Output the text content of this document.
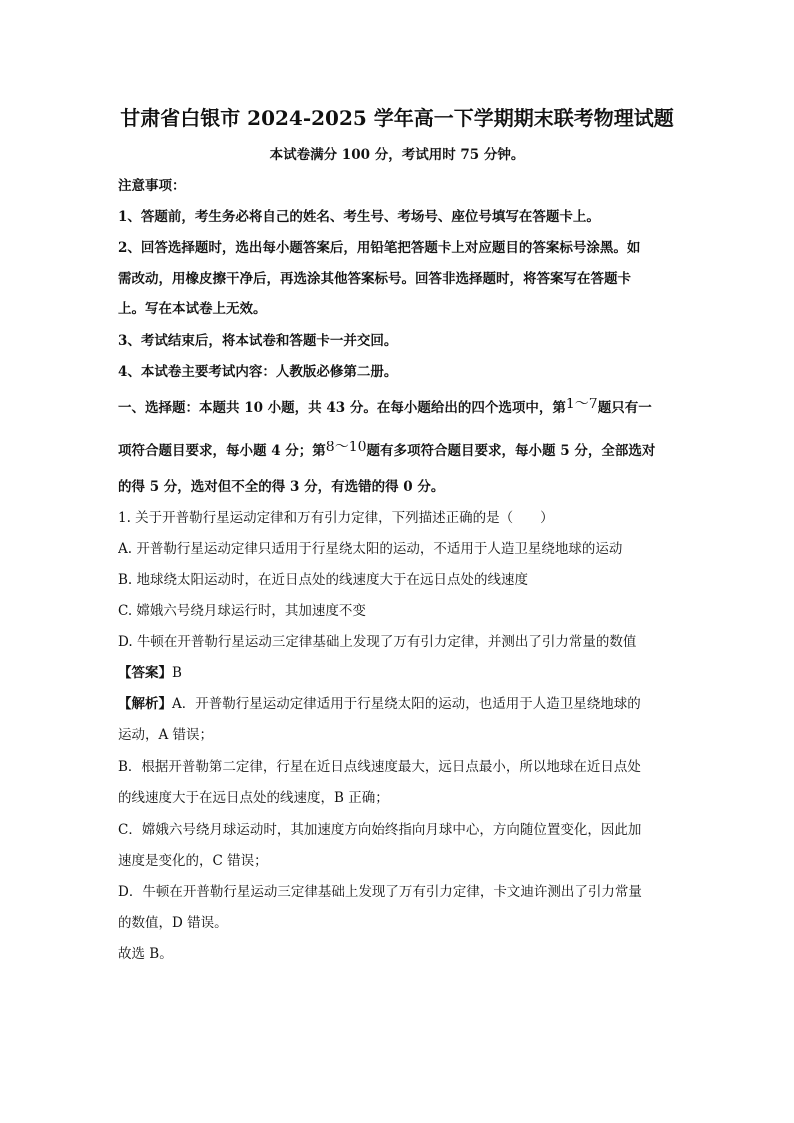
甘肃省白银市 2024-2025 学年高一下学期期末联考物理试题
本试卷满分 100 分，考试用时 75 分钟。
注意事项：
1、答题前，考生务必将自己的姓名、考生号、考场号、座位号填写在答题卡上。
2、回答选择题时，选出每小题答案后，用铅笔把答题卡上对应题目的答案标号涂黑。如
需改动，用橡皮擦干净后，再选涂其他答案标号。回答非选择题时，将答案写在答题卡
上。写在本试卷上无效。
3、考试结束后，将本试卷和答题卡一并交回。
4、本试卷主要考试内容：人教版必修第二册。
一、选择题：本题共 10 小题，共 43 分。在每小题给出的四个选项中，第1～7题只有一
项符合题目要求，每小题 4 分；第8～10题有多项符合题目要求，每小题 5 分，全部选对
的得 5 分，选对但不全的得 3 分，有选错的得 0 分。
1. 关于开普勒行星运动定律和万有引力定律，下列描述正确的是（　　）
A. 开普勒行星运动定律只适用于行星绕太阳的运动，不适用于人造卫星绕地球的运动
B. 地球绕太阳运动时，在近日点处的线速度大于在远日点处的线速度
C. 嫦娥六号绕月球运行时，其加速度不变
D. 牛顿在开普勒行星运动三定律基础上发现了万有引力定律，并测出了引力常量的数值
【答案】B
【解析】A．开普勒行星运动定律适用于行星绕太阳的运动，也适用于人造卫星绕地球的
运动，A 错误；
B．根据开普勒第二定律，行星在近日点线速度最大，远日点最小，所以地球在近日点处
的线速度大于在远日点处的线速度，B 正确；
C．嫦娥六号绕月球运动时，其加速度方向始终指向月球中心，方向随位置变化，因此加
速度是变化的，C 错误；
D．牛顿在开普勒行星运动三定律基础上发现了万有引力定律，卡文迪许测出了引力常量
的数值，D 错误。
故选 B。
